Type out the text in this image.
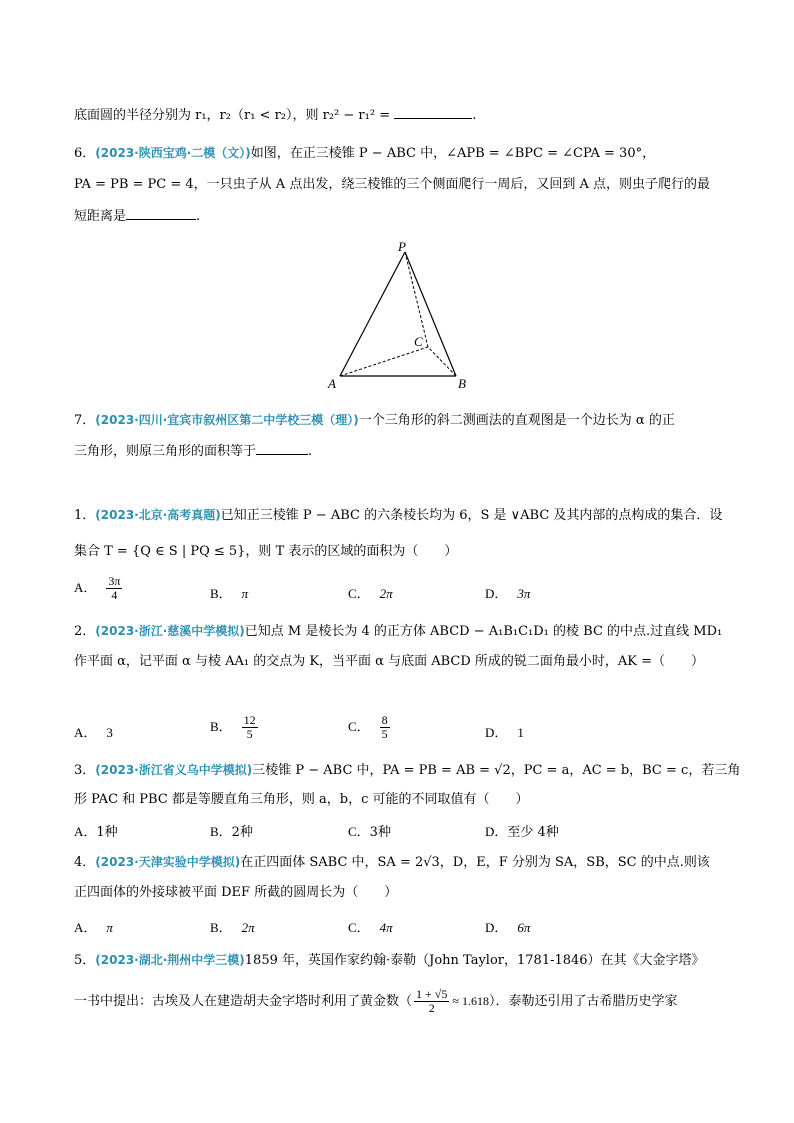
底面圆的半径分别为 r₁，r₂（r₁ < r₂），则 r₂² − r₁² =	.
6．(2023·陕西宝鸡·二模（文）)如图，在正三棱锥 P − ABC 中，∠APB = ∠BPC = ∠CPA = 30°，
PA = PB = PC = 4，一只虫子从 A 点出发，绕三棱锥的三个侧面爬行一周后，又回到 A 点，则虫子爬行的最
短距离是	.
P
A	B
C
7．(2023·四川·宜宾市叙州区第二中学校三模（理）)一个三角形的斜二测画法的直观图是一个边长为 α 的正
三角形，则原三角形的面积等于	.
1．(2023·北京·高考真题)已知正三棱锥 P − ABC 的六条棱长均为 6，S 是 ∨ABC 及其内部的点构成的集合．设
集合 T = {Q ∈ S | PQ ≤ 5}，则 T 表示的区域的面积为（　　）
A． $\frac{3\pi}{4}$	B． π	C． 2π	D． 3π
2．(2023·浙江·慈溪中学模拟)已知点 M 是棱长为 4 的正方体 ABCD − A₁B₁C₁D₁ 的棱 BC 的中点.过直线 MD₁
作平面 α，记平面 α 与棱 AA₁ 的交点为 K，当平面 α 与底面 ABCD 所成的锐二面角最小时，AK =（　　）
A． 3	B． $\frac{12}{5}$	C． $\frac{8}{5}$	D． 1
3．(2023·浙江省义乌中学模拟)三棱锥 P − ABC 中，PA = PB = AB = √2，PC = a，AC = b，BC = c，若三角
形 PAC 和 PBC 都是等腰直角三角形，则 a，b，c 可能的不同取值有（　　）
A．1种	B．2种	C．3种	D．至少 4种
4．(2023·天津实验中学模拟)在正四面体 SABC 中，SA = 2√3，D，E，F 分别为 SA，SB，SC 的中点.则该
正四面体的外接球被平面 DEF 所截的圆周长为（　　）
A． π	B． 2π	C． 4π	D． 6π
5．(2023·湖北·荆州中学三模)1859 年，英国作家约翰·泰勒（John Taylor，1781-1846）在其《大金字塔》
一书中提出：古埃及人在建造胡夫金字塔时利用了黄金数（ $\frac{1 + √5}{2} \approx 1.618$）．泰勒还引用了古希腊历史学家
